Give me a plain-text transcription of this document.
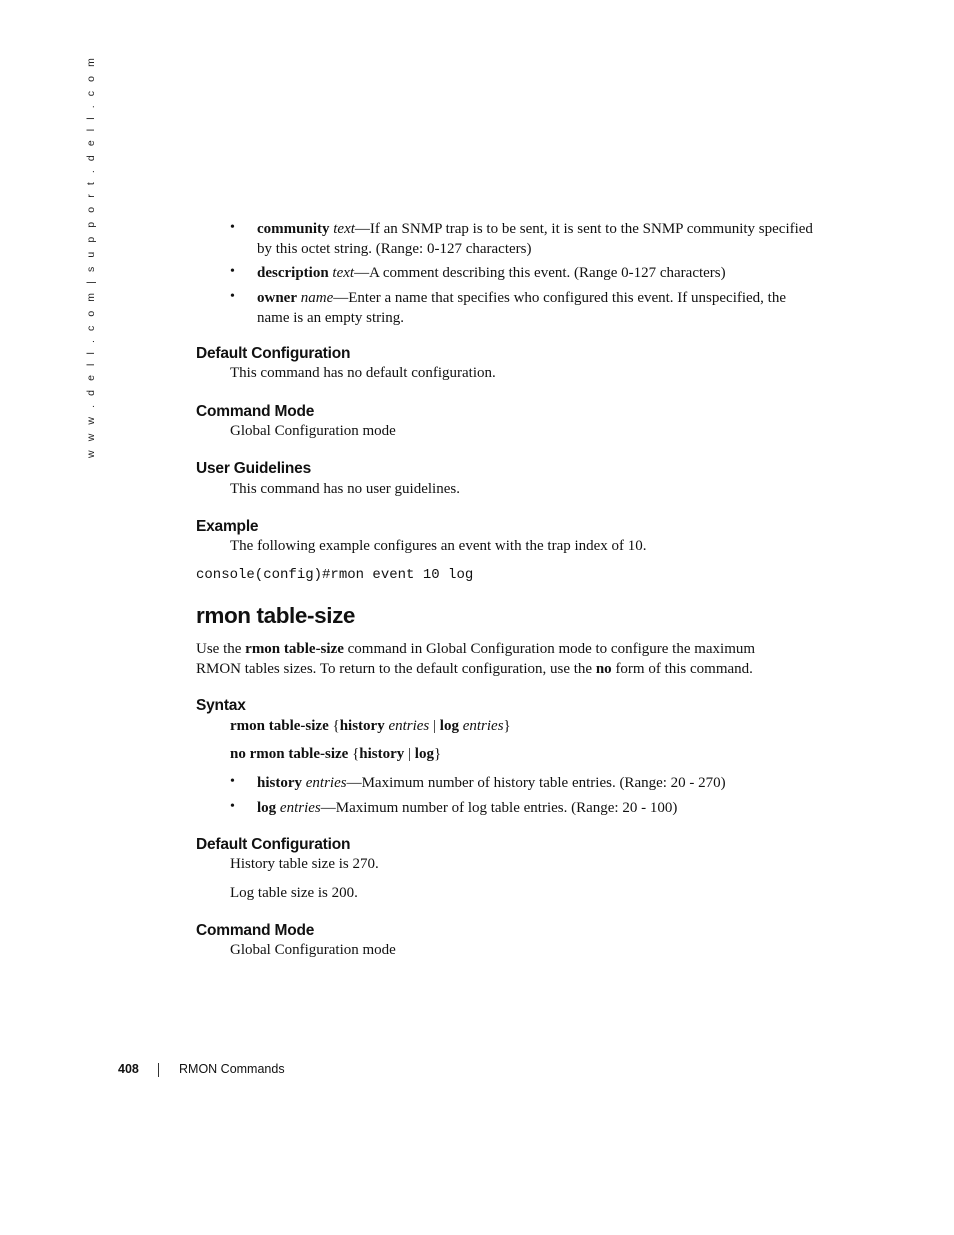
w w w . d e l l . c o m | s u p p o r t . d e l l . c o m	• community text—If an SNMP trap is to be sent, it is sent to the SNMP community specified by this octet string. (Range: 0-127 characters)
• description text—A comment describing this event. (Range 0-127 characters)
• owner name—Enter a name that specifies who configured this event. If unspecified, the name is an empty string.
Default Configuration
This command has no default configuration.
Command Mode
Global Configuration mode
User Guidelines
This command has no user guidelines.
Example
The following example configures an event with the trap index of 10.
console(config)#rmon event 10 log
rmon table-size
Use the rmon table-size command in Global Configuration mode to configure the maximum RMON tables sizes. To return to the default configuration, use the no form of this command.
Syntax
rmon table-size {history entries | log entries}
no rmon table-size {history | log}
• history entries—Maximum number of history table entries. (Range: 20 - 270)
• log entries—Maximum number of log table entries. (Range: 20 - 100)
Default Configuration
History table size is 270.
Log table size is 200.
Command Mode
Global Configuration mode
408	RMON Commands
